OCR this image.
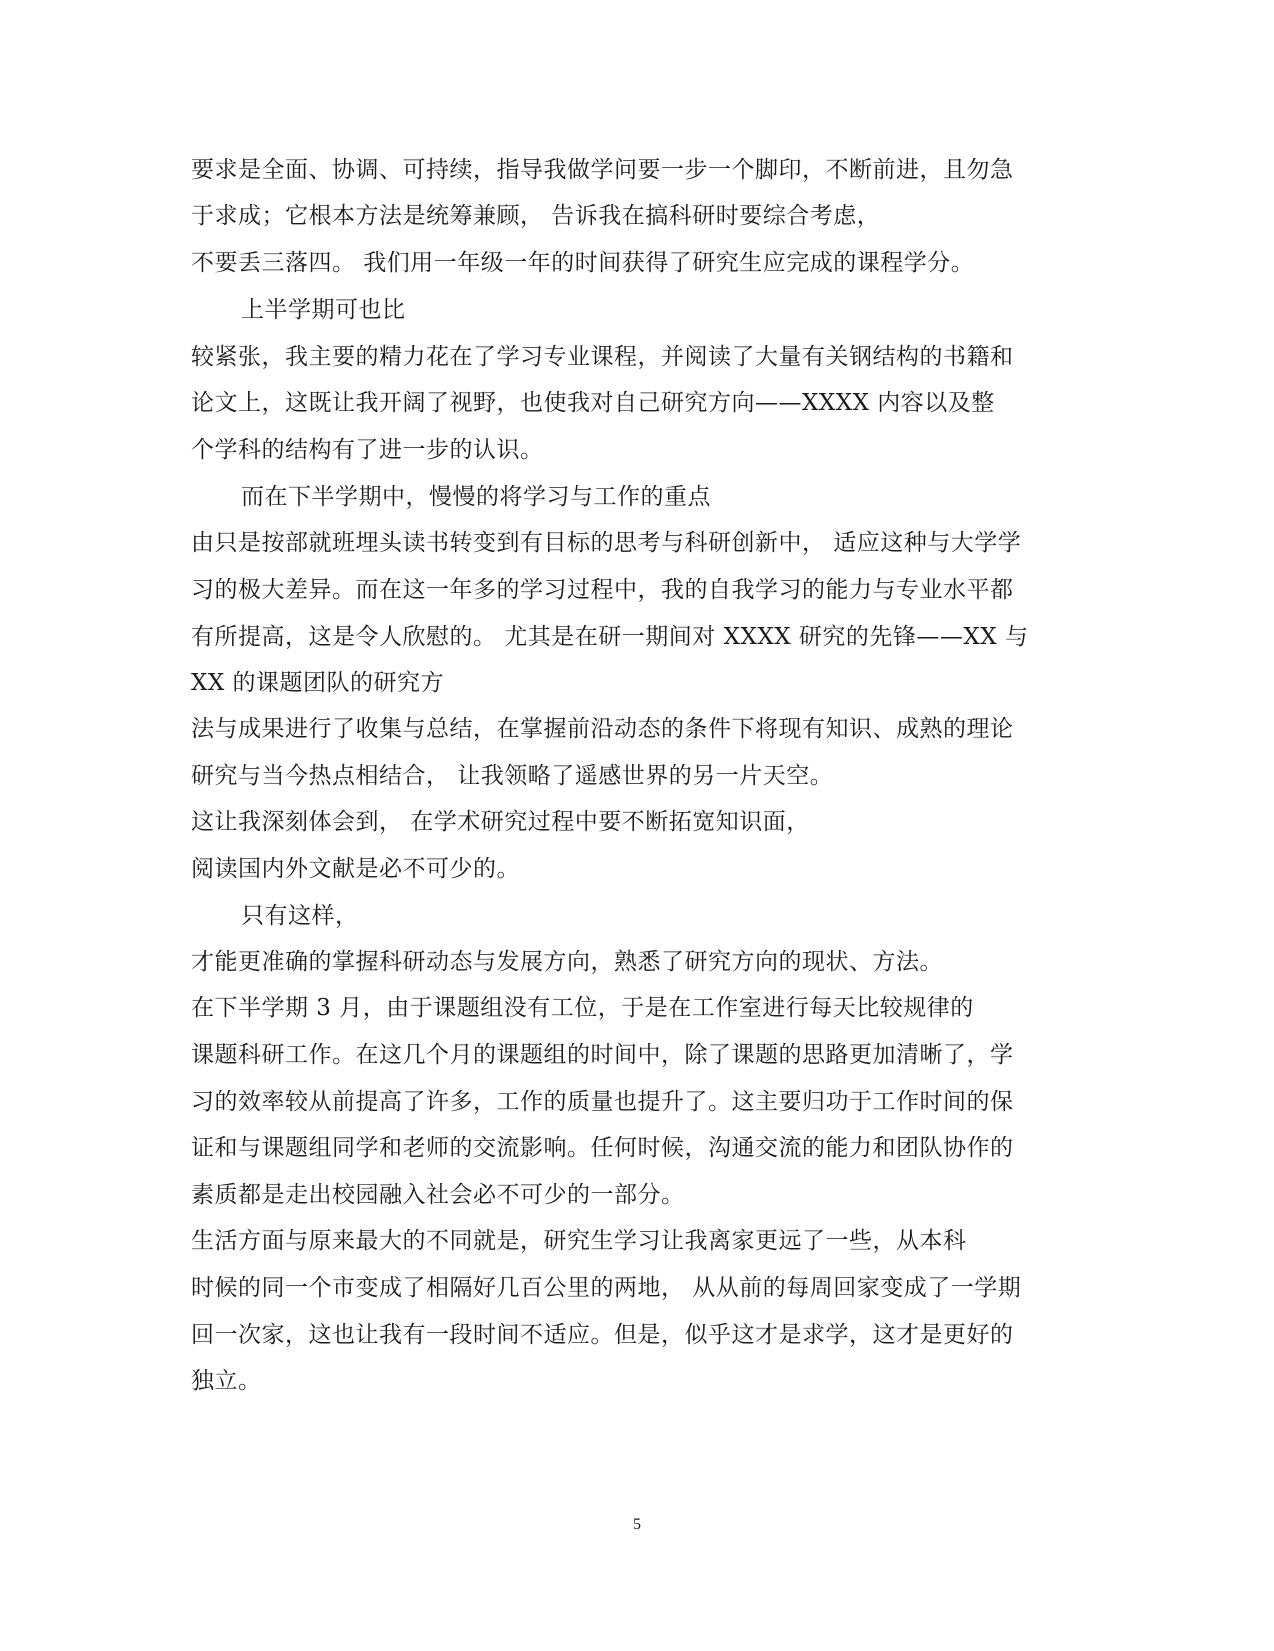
要求是全面、协调、可持续，指导我做学问要一步一个脚印，不断前进，且勿急
于求成；它根本方法是统筹兼顾， 告诉我在搞科研时要综合考虑，
不要丢三落四。 我们用一年级一年的时间获得了研究生应完成的课程学分。
上半学期可也比
较紧张，我主要的精力花在了学习专业课程，并阅读了大量有关钢结构的书籍和
论文上，这既让我开阔了视野，也使我对自己研究方向——XXXX 内容以及整
个学科的结构有了进一步的认识。
而在下半学期中，慢慢的将学习与工作的重点
由只是按部就班埋头读书转变到有目标的思考与科研创新中， 适应这种与大学学
习的极大差异。而在这一年多的学习过程中，我的自我学习的能力与专业水平都
有所提高，这是令人欣慰的。 尤其是在研一期间对 XXXX 研究的先锋——XX 与
XX 的课题团队的研究方
法与成果进行了收集与总结，在掌握前沿动态的条件下将现有知识、成熟的理论
研究与当今热点相结合， 让我领略了遥感世界的另一片天空。
这让我深刻体会到， 在学术研究过程中要不断拓宽知识面，
阅读国内外文献是必不可少的。
只有这样，
才能更准确的掌握科研动态与发展方向，熟悉了研究方向的现状、方法。
在下半学期 3 月，由于课题组没有工位，于是在工作室进行每天比较规律的
课题科研工作。在这几个月的课题组的时间中，除了课题的思路更加清晰了，学
习的效率较从前提高了许多，工作的质量也提升了。这主要归功于工作时间的保
证和与课题组同学和老师的交流影响。任何时候，沟通交流的能力和团队协作的
素质都是走出校园融入社会必不可少的一部分。
生活方面与原来最大的不同就是，研究生学习让我离家更远了一些，从本科
时候的同一个市变成了相隔好几百公里的两地， 从从前的每周回家变成了一学期
回一次家，这也让我有一段时间不适应。但是，似乎这才是求学，这才是更好的
独立。
5
